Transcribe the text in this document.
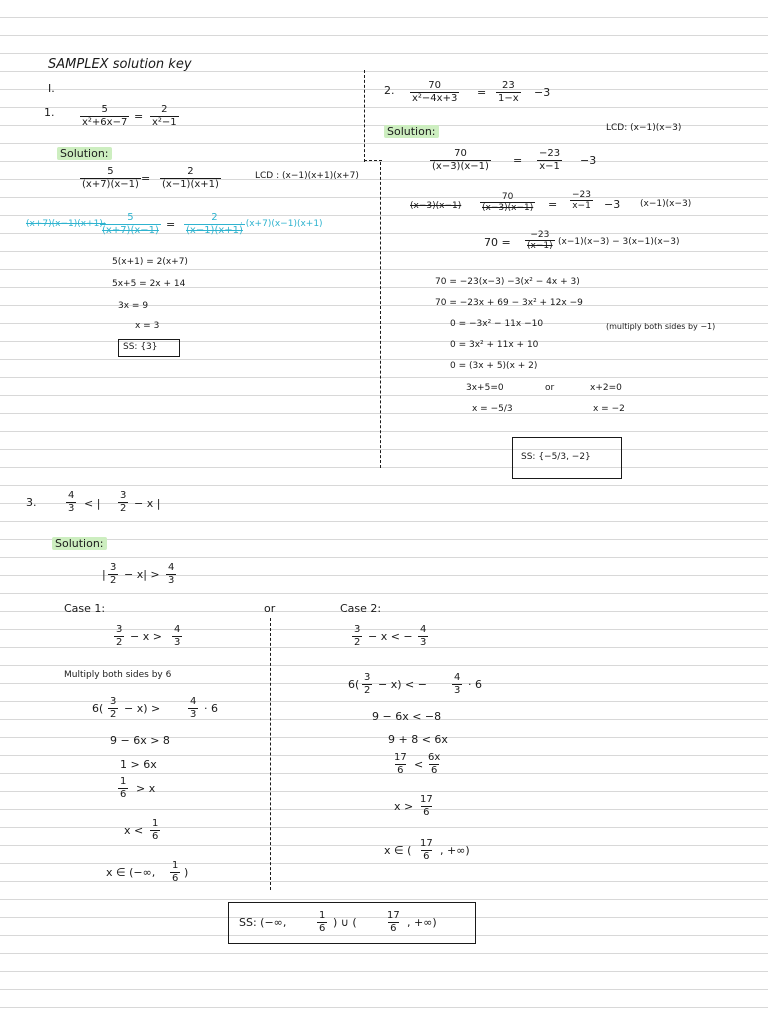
SAMPLEX solution key
I.
1.	$\frac{5}{\text{x²+6x−7}} = \frac{2}{\text{x²−1}}$
Solution:
$\frac{5}{(x+7)(x-1)} = \frac{2}{(x-1)(x+1)}$	LCD : (x−1)(x+1)(x+7)
(x+7)(x−1)(x+1)·
$\frac{5}{(x+7)(x-1)} = \frac{2}{(x-1)(x+1)}$
· (x+7)(x−1)(x+1)
5(x+1) = 2(x+7)
5x+5 = 2x + 14
3x = 9
x = 3
SS: {3}
2. $\frac{70}{\text{x²−4x+3}} = \frac{23}{1-x} -3$
Solution:	LCD: (x−1)(x−3)
$\frac{70}{(x-3)(x-1)} = \frac{-23}{x-1} -3$
$(x-3)(x-1) \frac{70}{(x-3)(x-1)} = \frac{-23}{x-1} -3$ (x−1)(x−3)
$70 = \frac{-23}{(x-1)} (x-1)(x-3) - 3(x-1)(x-3)$
70 = −23(x−3) −3(x² − 4x + 3)
70 = −23x + 69 − 3x² + 12x −9
0 = −3x² − 11x −10	(multiply both sides by −1)
0 = 3x² + 11x + 10
0 = (3x + 5)(x + 2)
3x+5=0	or	x+2=0
x = −5/3	x = −2
SS: {−5/3, −2}
3.	$\frac{4}{3}$ < | $\frac{3}{2} - x$ |
Solution:
| $\frac{3}{2} - x| > \frac{4}{3}$
Case 1:	or	Case 2:
$\frac{3}{2} - x > \frac{4}{3}$
Multiply both sides by 6
$6( \frac{3}{2} - x)$ >	$\frac{4}{3} \cdot 6$
9 − 6x > 8
1 > 6x
$\frac{1}{6} > x$
$x < \frac{1}{6}$
x ∈ (−∞, $\frac{1}{6}$ )
$\frac{3}{2} - x$ < − $\frac{4}{3}$
$6( \frac{3}{2} - x)$ < −	$\frac{4}{3} \cdot 6$
9 − 6x < −8
9 + 8 < 6x
$\frac{17}{6} < \frac{6x}{6}$
$x > \frac{17}{6}$
x ∈ ( $\frac{17}{6}$ , +∞)
SS: (−∞,	$\frac{1}{6}$ ) ∪ (	$\frac{17}{6}$ , +∞)
